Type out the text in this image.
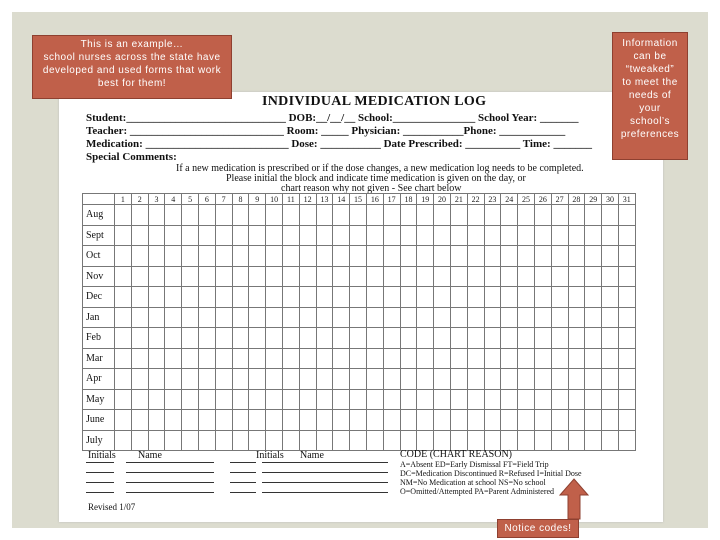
INDIVIDUAL MEDICATION LOG
Student:_____________________________ DOB:__/__/__ School:_______________ School Year: _______
Teacher: ____________________________ Room: _____ Physician: ___________Phone: ____________
Medication: __________________________ Dose: ___________ Date Prescribed: __________ Time: _______
Special Comments:
If a new medication is prescribed or if the dose changes, a new medication log needs to be completed.
Please initial the block and indicate time medication is given on the day, or
chart reason why not given - See chart below
	1	2	3	4	5	6	7	8	9	10	11	12	13	14	15	16	17	18	19	20	21	22	23	24	25	26	27	28	29	30	31
Aug																															
Sept																															
Oct																															
Nov																															
Dec																															
Jan																															
Feb																															
Mar																															
Apr																															
May																															
June																															
July																															
Initials Name	Initials Name	CODE (CHART REASON)
A=Absent ED=Early Dismissal FT=Field Trip
DC=Medication Discontinued R=Refused I=Initial Dose
NM=No Medication at school NS=No school
O=Omitted/Attempted PA=Parent Administered
Revised 1/07
This is an example…
school nurses across the state have
developed and used forms that work
best for them!
Information
can be
“tweaked”
to meet the
needs of
your
school’s
preferences
Notice codes!
